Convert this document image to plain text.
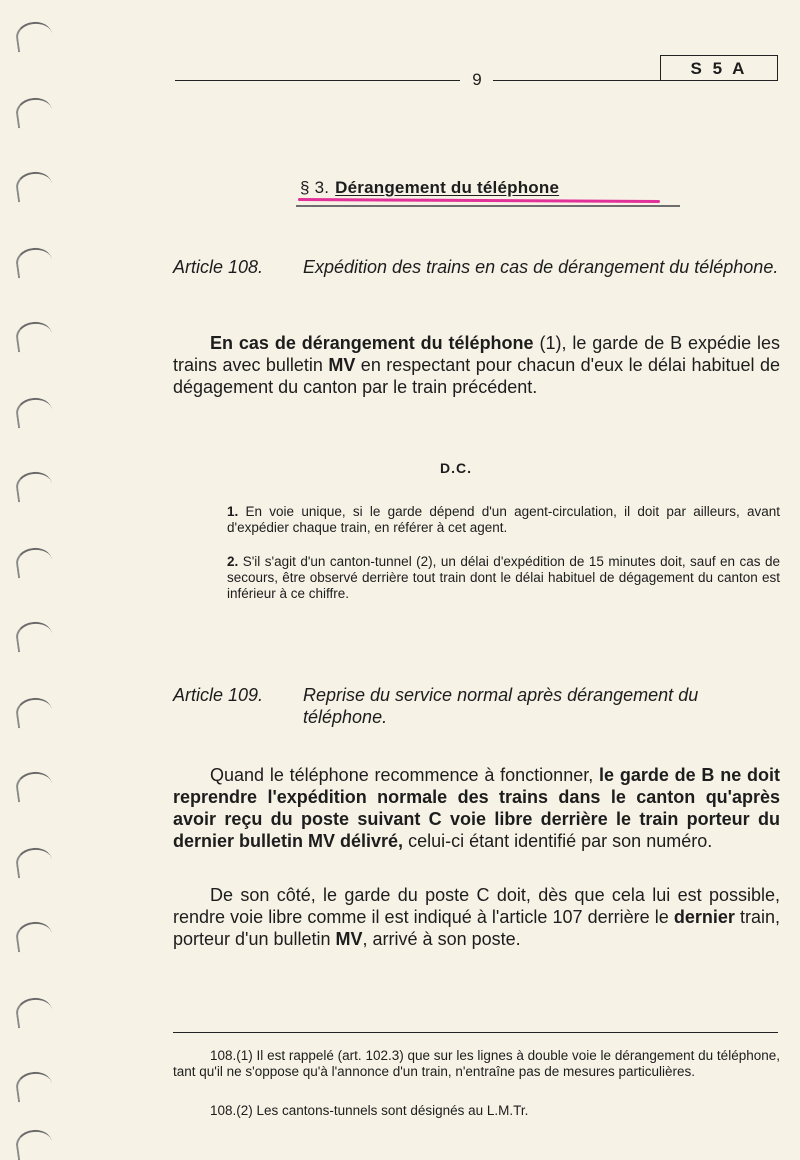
9
S 5 A
§ 3. Dérangement du téléphone
Article 108.	Expédition des trains en cas de dérangement du téléphone.
En cas de dérangement du téléphone (1), le garde de B expédie les trains avec bulletin MV en respectant pour chacun d'eux le délai habituel de dégagement du canton par le train précédent.
D.C.
1. En voie unique, si le garde dépend d'un agent-circulation, il doit par ailleurs, avant d'expédier chaque train, en référer à cet agent.
2. S'il s'agit d'un canton-tunnel (2), un délai d'expédition de 15 minutes doit, sauf en cas de secours, être observé derrière tout train dont le délai habituel de dégagement du canton est inférieur à ce chiffre.
Article 109.	Reprise du service normal après dérangement du téléphone.
Quand le téléphone recommence à fonctionner, le garde de B ne doit reprendre l'expédition normale des trains dans le canton qu'après avoir reçu du poste suivant C voie libre derrière le train porteur du dernier bulletin MV délivré, celui-ci étant identifié par son numéro.
De son côté, le garde du poste C doit, dès que cela lui est possible, rendre voie libre comme il est indiqué à l'article 107 derrière le dernier train, porteur d'un bulletin MV, arrivé à son poste.
108.(1) Il est rappelé (art. 102.3) que sur les lignes à double voie le dérangement du téléphone, tant qu'il ne s'oppose qu'à l'annonce d'un train, n'entraîne pas de mesures particulières.
108.(2) Les cantons-tunnels sont désignés au L.M.Tr.
